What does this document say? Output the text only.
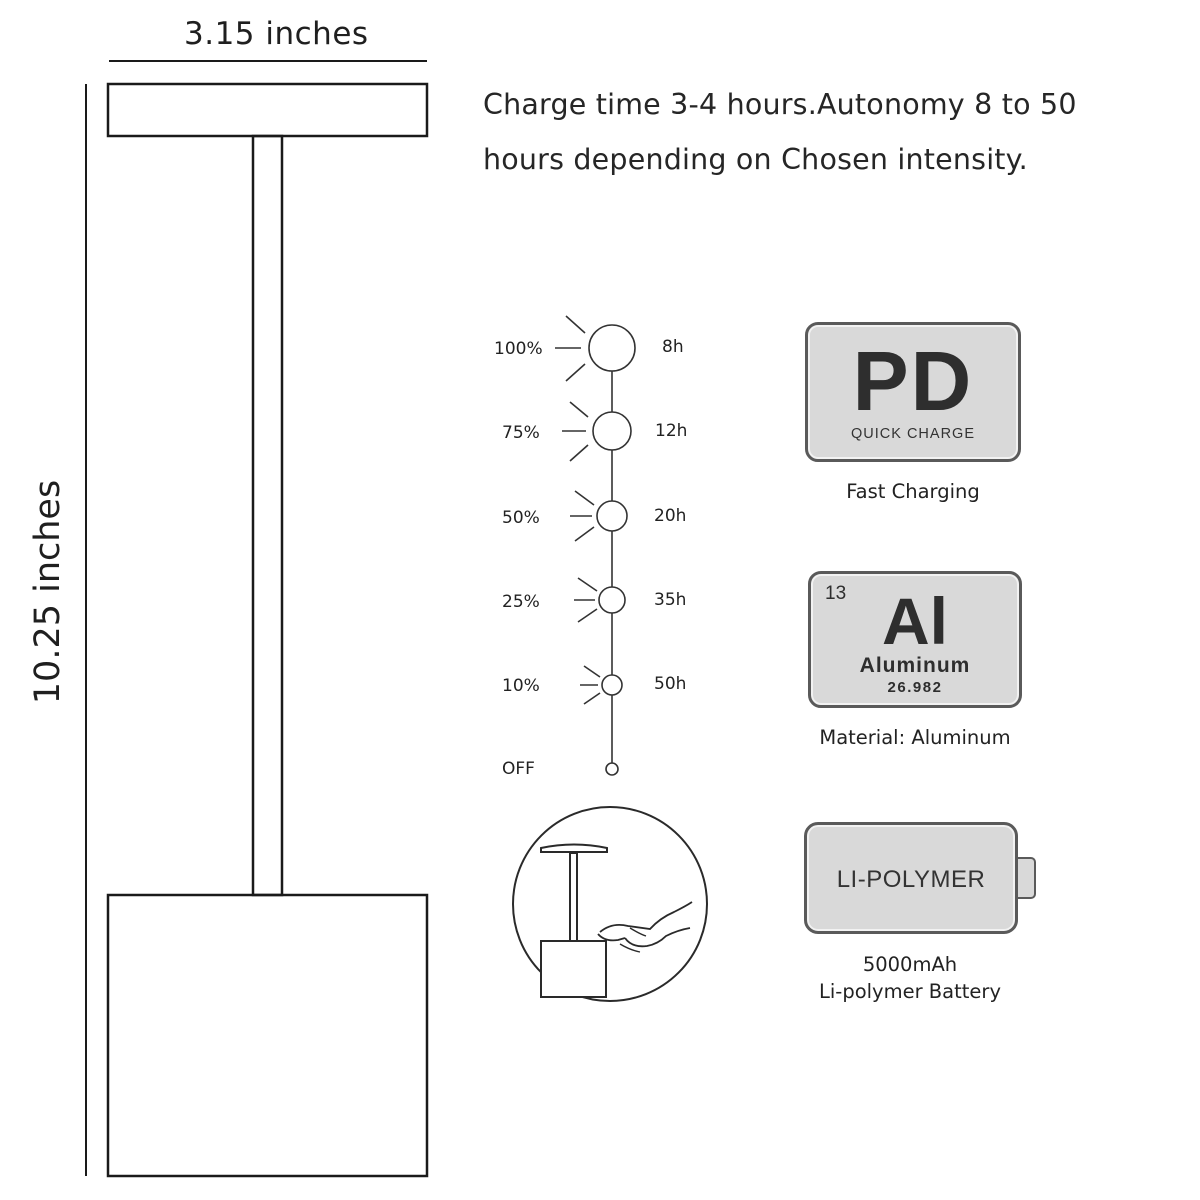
3.15 inches
10.25 inches
Charge time 3-4 hours.Autonomy 8 to 50
hours depending on Chosen intensity.
100%	8h
75%	12h
50%	20h
25%	35h
10%	50h
OFF
PD
QUICK CHARGE
Fast Charging
13 Al
Aluminum
26.982
Material: Aluminum
LI-POLYMER
5000mAh
Li-polymer Battery
